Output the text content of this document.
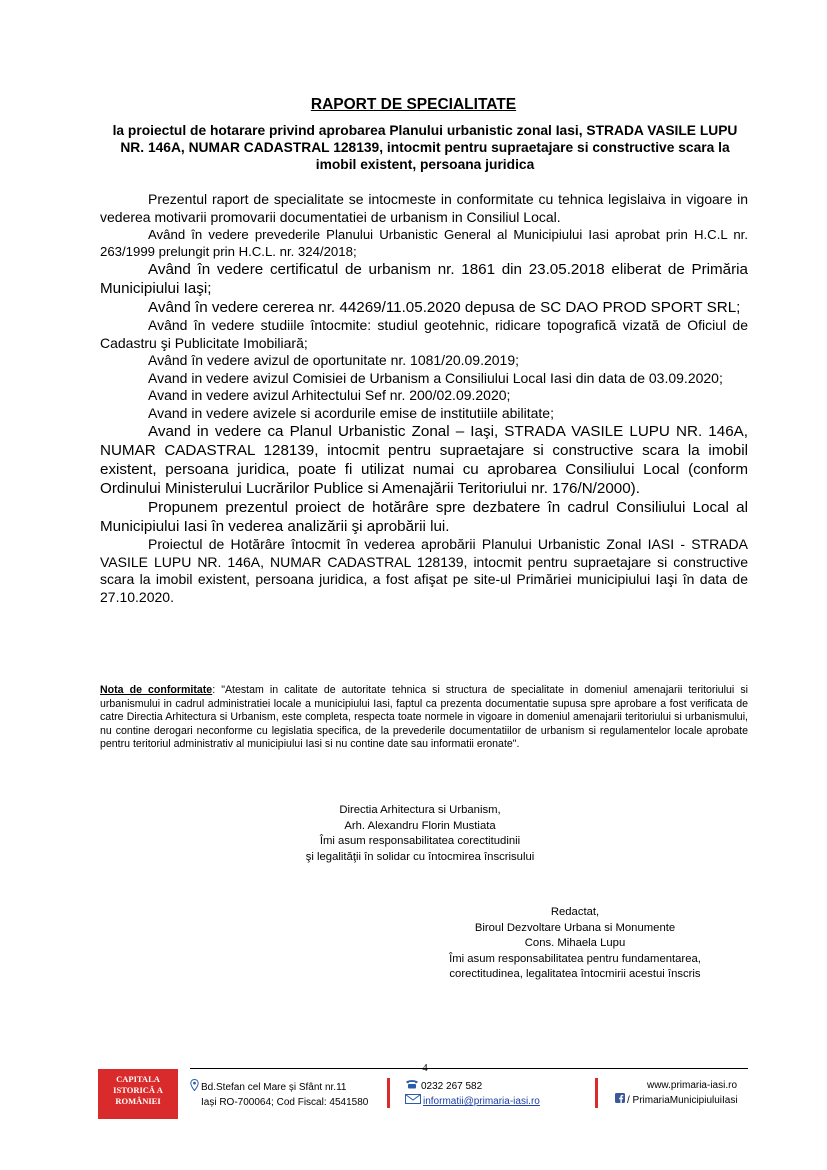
RAPORT DE SPECIALITATE
la proiectul de hotarare privind aprobarea Planului urbanistic zonal Iasi, STRADA VASILE LUPU NR. 146A, NUMAR CADASTRAL 128139, intocmit pentru supraetajare si constructive scara la imobil existent, persoana juridica

Prezentul raport de specialitate se intocmeste in conformitate cu tehnica legislaiva in vigoare in vederea motivarii promovarii documentatiei de urbanism in Consiliul Local.

Având în vedere prevederile Planului Urbanistic General al Municipiului Iasi aprobat prin H.C.L nr. 263/1999 prelungit prin H.C.L. nr. 324/2018;

Având în vedere certificatul de urbanism nr. 1861 din 23.05.2018 eliberat de Primăria Municipiului Iaşi;

Având în vedere cererea nr. 44269/11.05.2020 depusa de SC DAO PROD SPORT SRL;

Având în vedere studiile întocmite: studiul geotehnic, ridicare topografică vizată de Oficiul de Cadastru şi Publicitate Imobiliară;

Având în vedere avizul de oportunitate nr. 1081/20.09.2019;

Avand in vedere avizul Comisiei de Urbanism a Consiliului Local Iasi din data de 03.09.2020;

Avand in vedere avizul Arhitectului Sef nr. 200/02.09.2020;

Avand in vedere avizele si acordurile emise de institutiile abilitate;

Avand in vedere ca Planul Urbanistic Zonal – Iaşi, STRADA VASILE LUPU NR. 146A, NUMAR CADASTRAL 128139, intocmit pentru supraetajare si constructive scara la imobil existent, persoana juridica, poate fi utilizat numai cu aprobarea Consiliului Local (conform Ordinului Ministerului Lucrărilor Publice si Amenajării Teritoriului nr. 176/N/2000).

Propunem prezentul proiect de hotărâre spre dezbatere în cadrul Consiliului Local al Municipiului Iasi în vederea analizării şi aprobării lui.

Proiectul de Hotărâre întocmit în vederea aprobării Planului Urbanistic Zonal IASI - STRADA VASILE LUPU NR. 146A, NUMAR CADASTRAL 128139, intocmit pentru supraetajare si constructive scara la imobil existent, persoana juridica, a fost afişat pe site-ul Primăriei municipiului Iaşi în data de 27.10.2020.

Nota de conformitate: "Atestam in calitate de autoritate tehnica si structura de specialitate in domeniul amenajarii teritoriului si urbanismului in cadrul administratiei locale a municipiului Iasi, faptul ca prezenta documentatie supusa spre aprobare a fost verificata de catre Directia Arhitectura si Urbanism, este completa, respecta toate normele in vigoare in domeniul amenajarii teritoriului si urbanismului, nu contine derogari neconforme cu legislatia specifica, de la prevederile documentatiilor de urbanism si regulamentelor locale aprobate pentru teritoriul administrativ al municipiului Iasi si nu contine date sau informatii eronate".
Directia Arhitectura si Urbanism,
Arh. Alexandru Florin Mustiata
Îmi asum responsabilitatea corectitudinii
şi legalităţii în solidar cu întocmirea înscrisului
Redactat,
Biroul Dezvoltare Urbana si Monumente
Cons. Mihaela Lupu
Îmi asum responsabilitatea pentru fundamentarea,
corectitudinea, legalitatea întocmirii acestui înscris
CAPITALA
ISTORICĂ A
ROMÂNIEI
Bd.Stefan cel Mare și Sfânt nr.11
Iași RO-700064; Cod Fiscal: 4541580
0232 267 582
informatii@primaria-iasi.ro
www.primaria-iasi.ro
/ PrimariaMunicipiuluiIasi
